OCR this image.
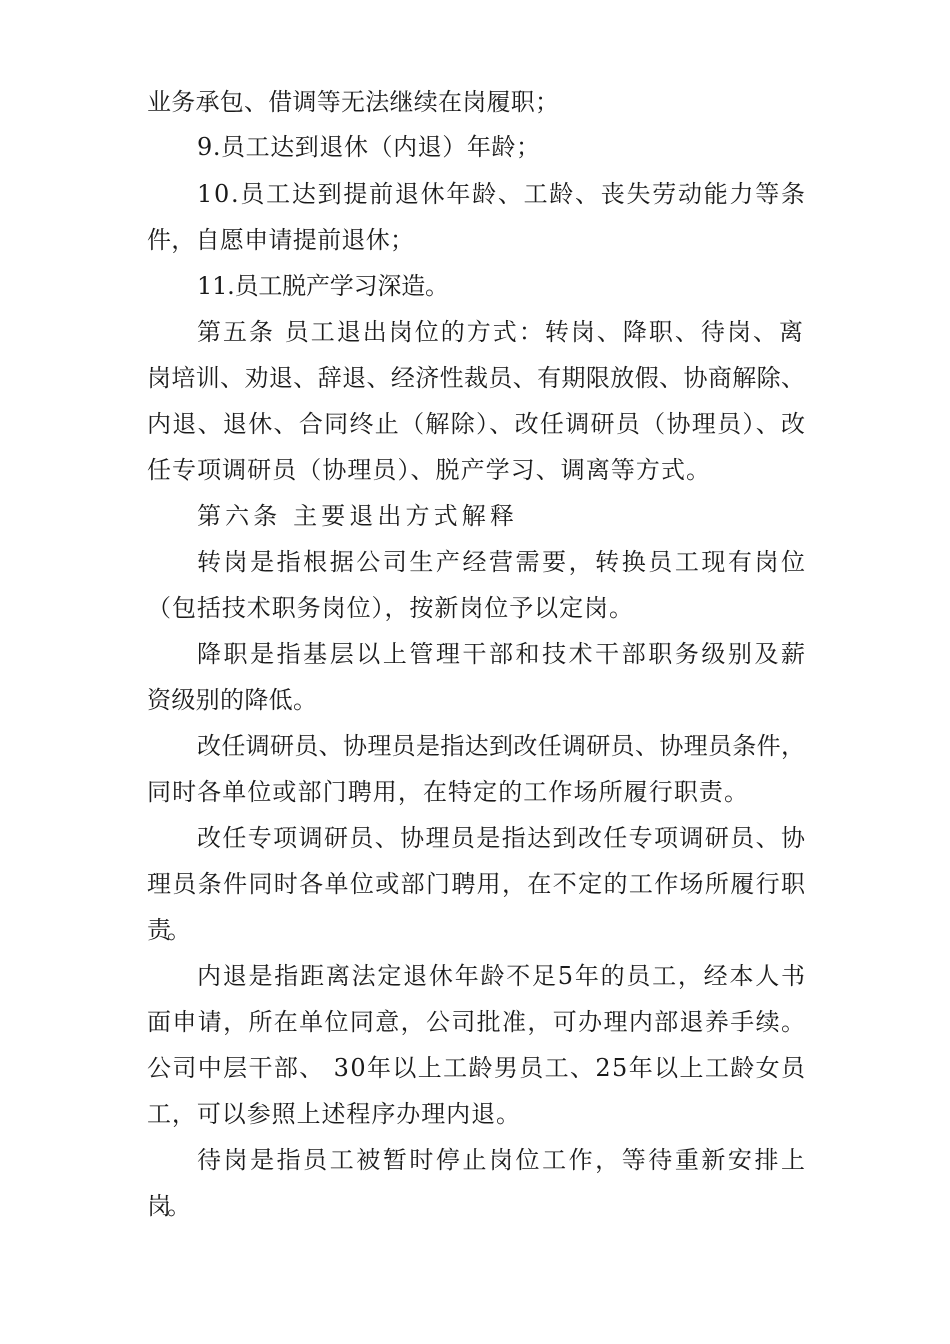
业务承包、借调等无法继续在岗履职；
9.员工达到退休（内退）年龄；
10.员工达到提前退休年龄、工龄、丧失劳动能力等条
件，自愿申请提前退休；
11.员工脱产学习深造。
第五条 员工退出岗位的方式：转岗、降职、待岗、离
岗培训、劝退、辞退、经济性裁员、有期限放假、协商解除、
内退、退休、合同终止（解除）、改任调研员（协理员）、改
任专项调研员（协理员）、脱产学习、调离等方式。
第六条 主要退出方式解释
转岗是指根据公司生产经营需要，转换员工现有岗位
（包括技术职务岗位），按新岗位予以定岗。
降职是指基层以上管理干部和技术干部职务级别及薪
资级别的降低。
改任调研员、协理员是指达到改任调研员、协理员条件，
同时各单位或部门聘用，在特定的工作场所履行职责。
改任专项调研员、协理员是指达到改任专项调研员、协
理员条件同时各单位或部门聘用，在不定的工作场所履行职
责。
内退是指距离法定退休年龄不足5年的员工，经本人书
面申请，所在单位同意，公司批准，可办理内部退养手续。
公司中层干部、 30年以上工龄男员工、25年以上工龄女员
工，可以参照上述程序办理内退。
待岗是指员工被暂时停止岗位工作，等待重新安排上
岗。
